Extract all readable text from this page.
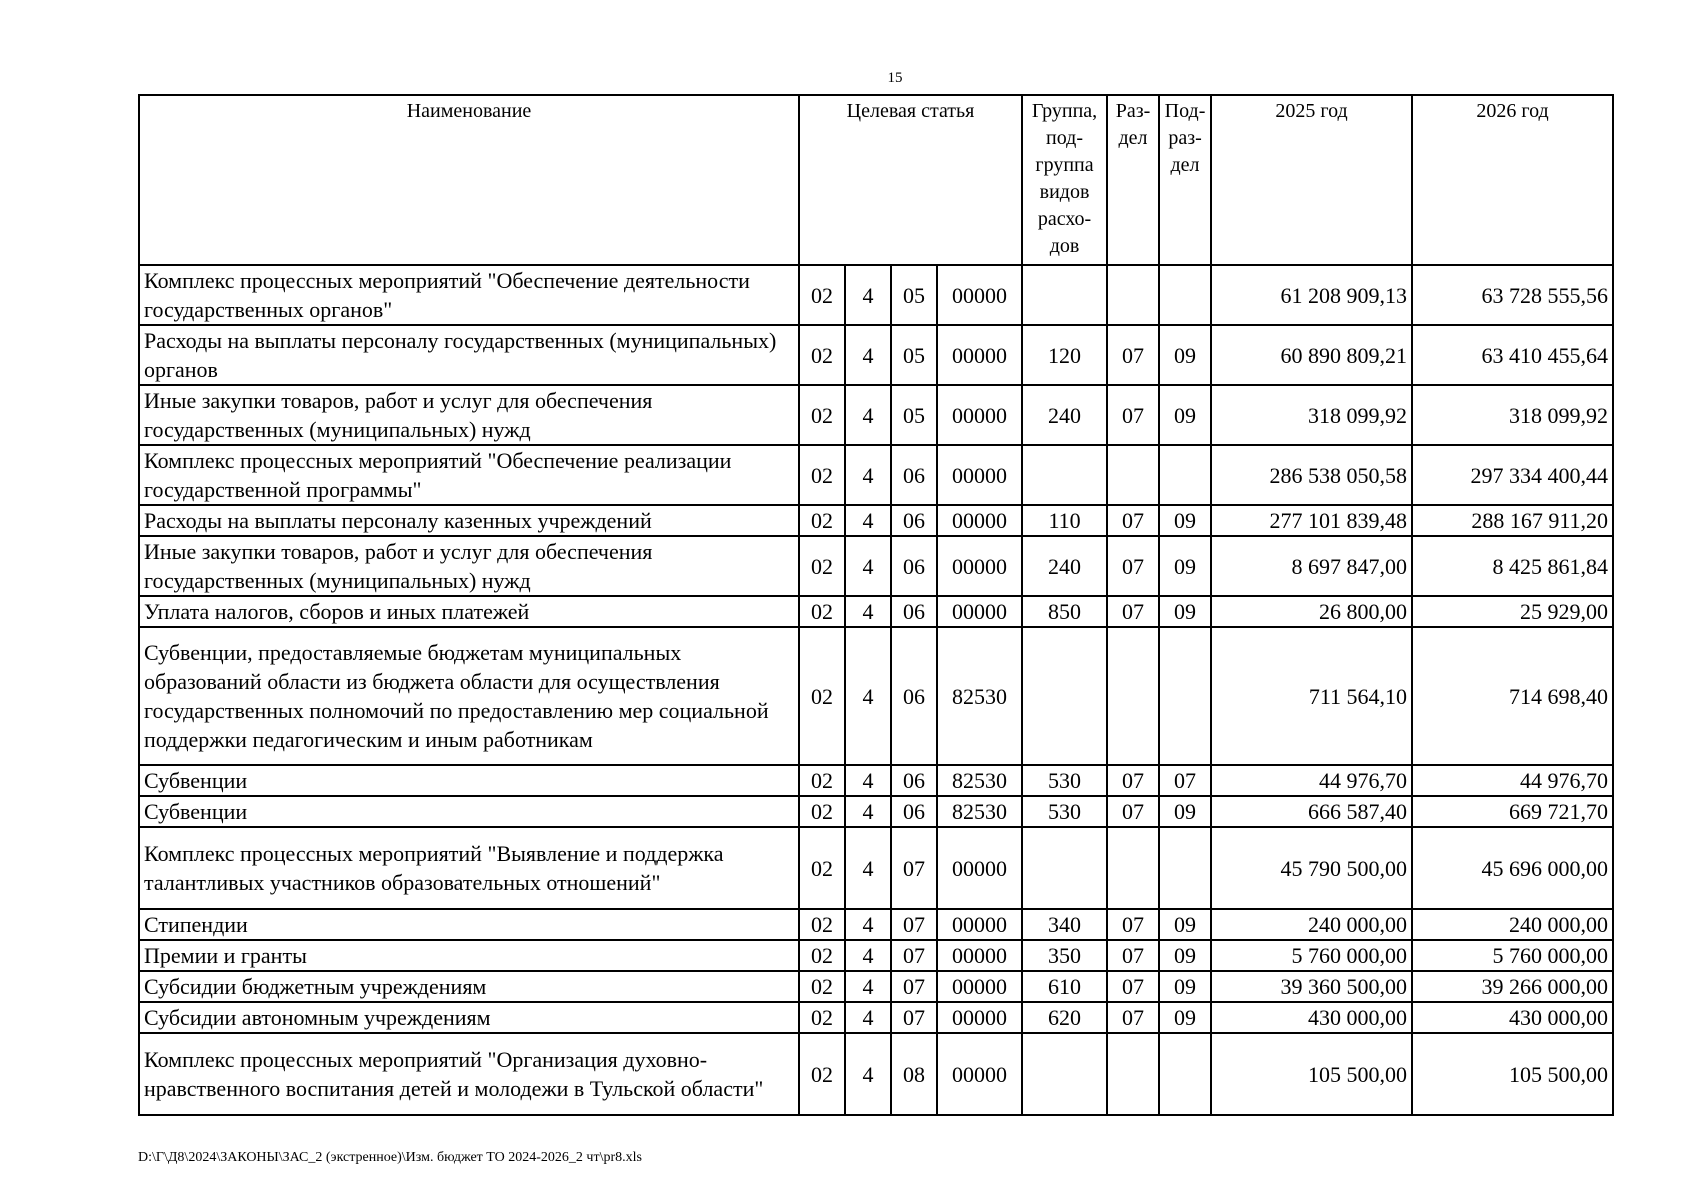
15
Наименование	Целевая статья				Группа, под-группа видов расхо-дов	Раз-дел	Под-раз-дел	2025 год	2026 год
Комплекс процессных мероприятий "Обеспечение деятельности государственных органов"	02	4	05	00000				61 208 909,13	63 728 555,56
Расходы на выплаты персоналу государственных (муниципальных) органов	02	4	05	00000	120	07	09	60 890 809,21	63 410 455,64
Иные закупки товаров, работ и услуг для обеспечения государственных (муниципальных) нужд	02	4	05	00000	240	07	09	318 099,92	318 099,92
Комплекс процессных мероприятий "Обеспечение реализации государственной программы"	02	4	06	00000				286 538 050,58	297 334 400,44
Расходы на выплаты персоналу казенных учреждений	02	4	06	00000	110	07	09	277 101 839,48	288 167 911,20
Иные закупки товаров, работ и услуг для обеспечения государственных (муниципальных) нужд	02	4	06	00000	240	07	09	8 697 847,00	8 425 861,84
Уплата налогов, сборов и иных платежей	02	4	06	00000	850	07	09	26 800,00	25 929,00
Субвенции, предоставляемые бюджетам муниципальных образований области из бюджета области для осуществления государственных полномочий по предоставлению мер социальной поддержки педагогическим и иным работникам	02	4	06	82530				711 564,10	714 698,40
Субвенции	02	4	06	82530	530	07	07	44 976,70	44 976,70
Субвенции	02	4	06	82530	530	07	09	666 587,40	669 721,70
Комплекс процессных мероприятий "Выявление и поддержка талантливых участников образовательных отношений"	02	4	07	00000				45 790 500,00	45 696 000,00
Стипендии	02	4	07	00000	340	07	09	240 000,00	240 000,00
Премии и гранты	02	4	07	00000	350	07	09	5 760 000,00	5 760 000,00
Субсидии бюджетным учреждениям	02	4	07	00000	610	07	09	39 360 500,00	39 266 000,00
Субсидии автономным учреждениям	02	4	07	00000	620	07	09	430 000,00	430 000,00
Комплекс процессных мероприятий "Организация духовно-нравственного воспитания детей и молодежи в Тульской области"	02	4	08	00000				105 500,00	105 500,00
D:\Г\Д8\2024\ЗАКОНЫ\ЗАС_2 (экстренное)\Изм. бюджет ТО 2024-2026_2 чт\pr8.xls
